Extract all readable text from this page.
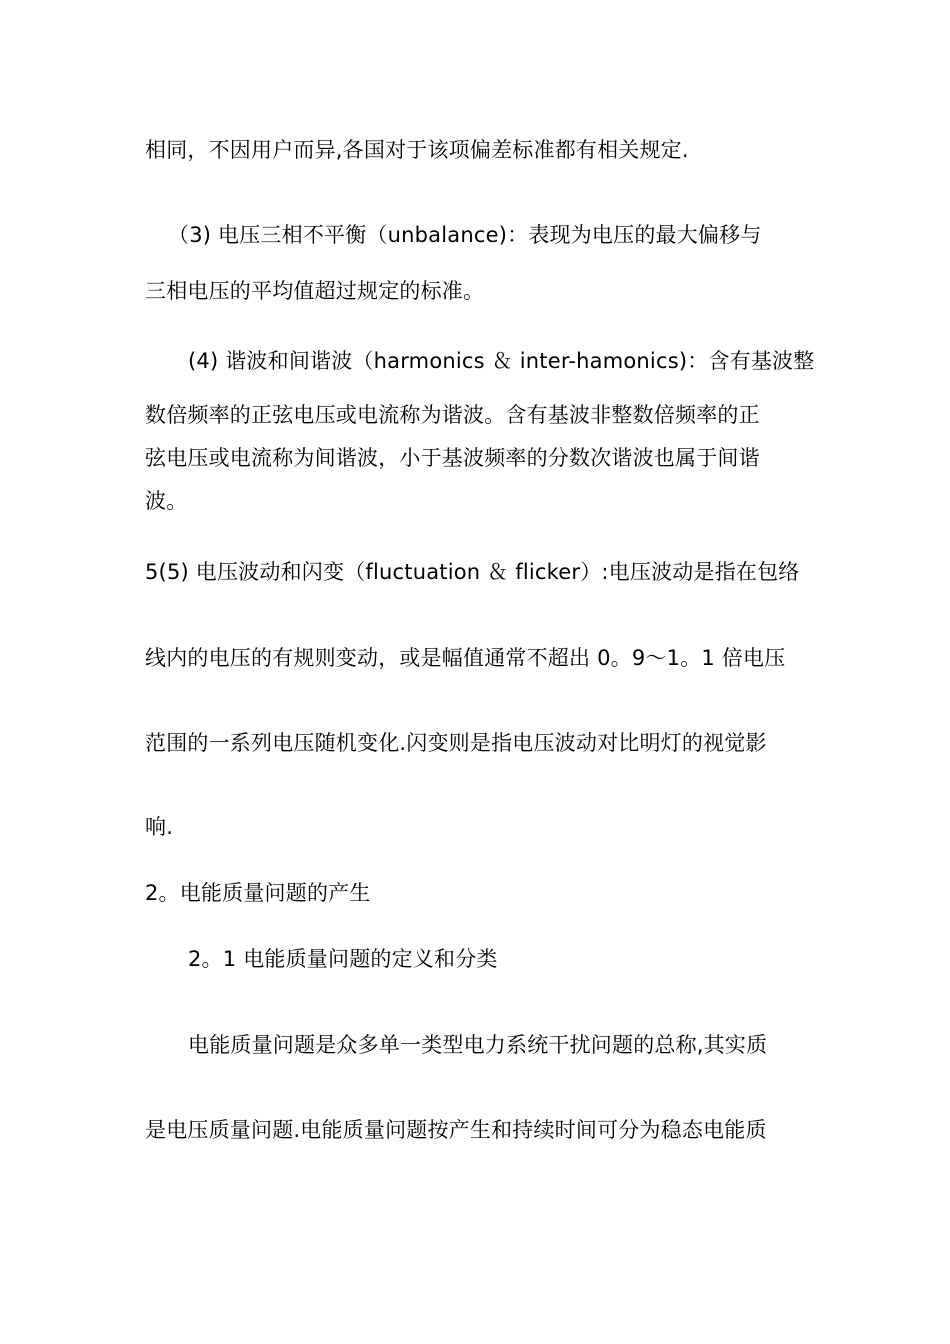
相同，不因用户而异,各国对于该项偏差标准都有相关规定.
（3) 电压三相不平衡（unbalance)：表现为电压的最大偏移与
三相电压的平均值超过规定的标准。
(4) 谐波和间谐波（harmonics ＆ inter-hamonics)：含有基波整
数倍频率的正弦电压或电流称为谐波。含有基波非整数倍频率的正
弦电压或电流称为间谐波，小于基波频率的分数次谐波也属于间谐
波。
5(5) 电压波动和闪变（fluctuation ＆ flicker）:电压波动是指在包络
线内的电压的有规则变动，或是幅值通常不超出 0。9～1。1 倍电压
范围的一系列电压随机变化.闪变则是指电压波动对比明灯的视觉影
响.
2。电能质量问题的产生
2。1 电能质量问题的定义和分类
电能质量问题是众多单一类型电力系统干扰问题的总称,其实质
是电压质量问题.电能质量问题按产生和持续时间可分为稳态电能质
